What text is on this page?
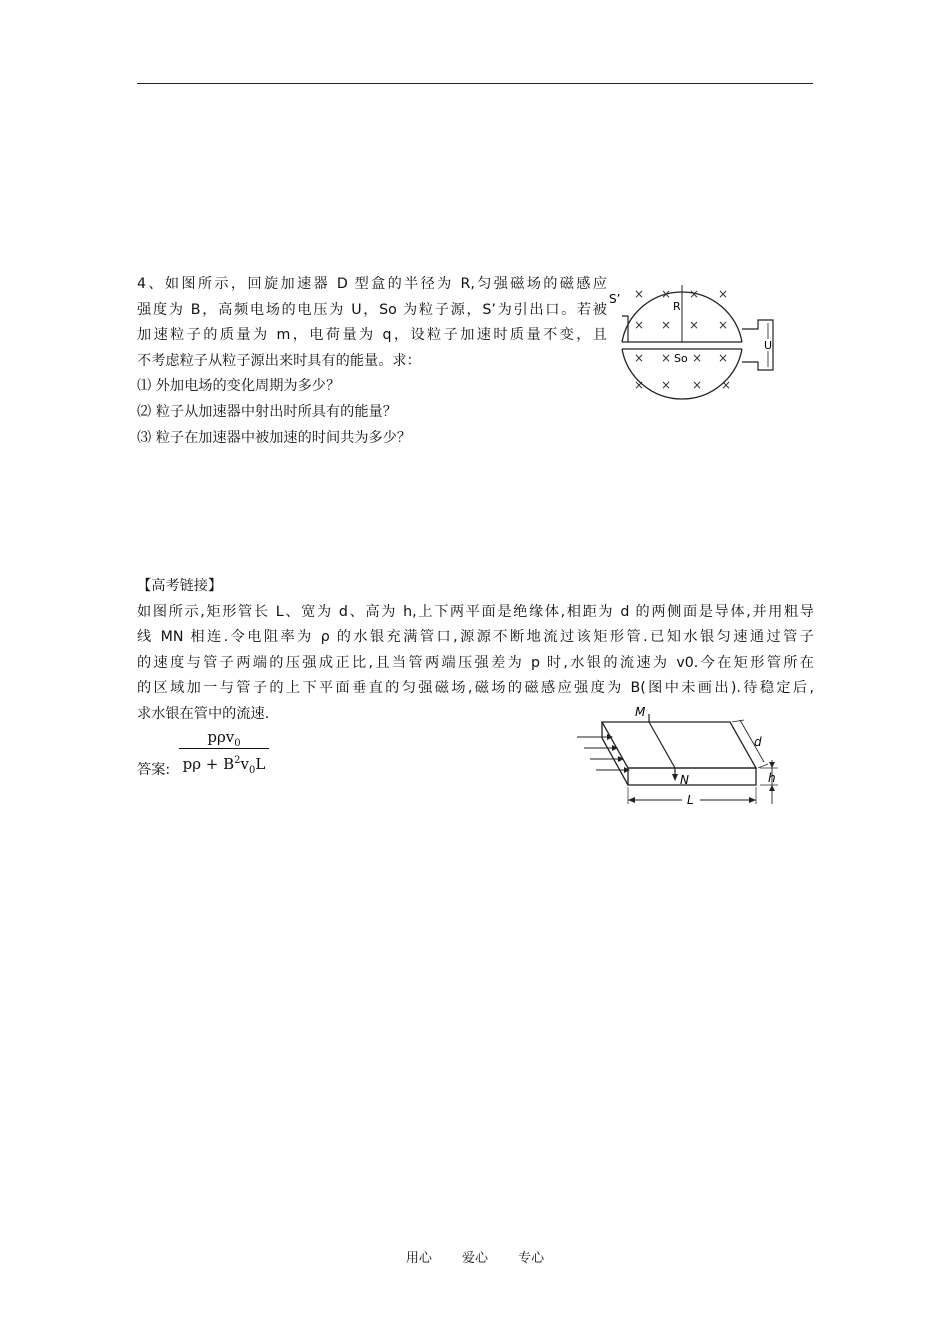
4、如图所示，回旋加速器 D 型盒的半径为 R,匀强磁场的磁感应
强度为 B，高频电场的电压为 U，So 为粒子源，S’为引出口。若被
加速粒子的质量为 m，电荷量为 q，设粒子加速时质量不变，且
不考虑粒子从粒子源出来时具有的能量。求：
⑴ 外加电场的变化周期为多少？
⑵ 粒子从加速器中射出时所具有的能量？
⑶ 粒子在加速器中被加速的时间共为多少？
S’
R
So
U
× × × ×
× × × ×
× × × ×
× × × ×
【高考链接】
如图所示,矩形管长 L、宽为 d、高为 h,上下两平面是绝缘体,相距为 d 的两侧面是导体,并用粗导
线 MN 相连.令电阻率为 ρ 的水银充满管口,源源不断地流过该矩形管.已知水银匀速通过管子
的速度与管子两端的压强成正比,且当管两端压强差为 p 时,水银的流速为 v0.今在矩形管所在
的区域加一与管子的上下平面垂直的匀强磁场,磁场的磁感应强度为 B(图中未画出).待稳定后,
求水银在管中的流速.
答案:
pρv$_0$
$p\rho + B^2v_0L$
M
N
d
h
L
用心 爱心 专心
